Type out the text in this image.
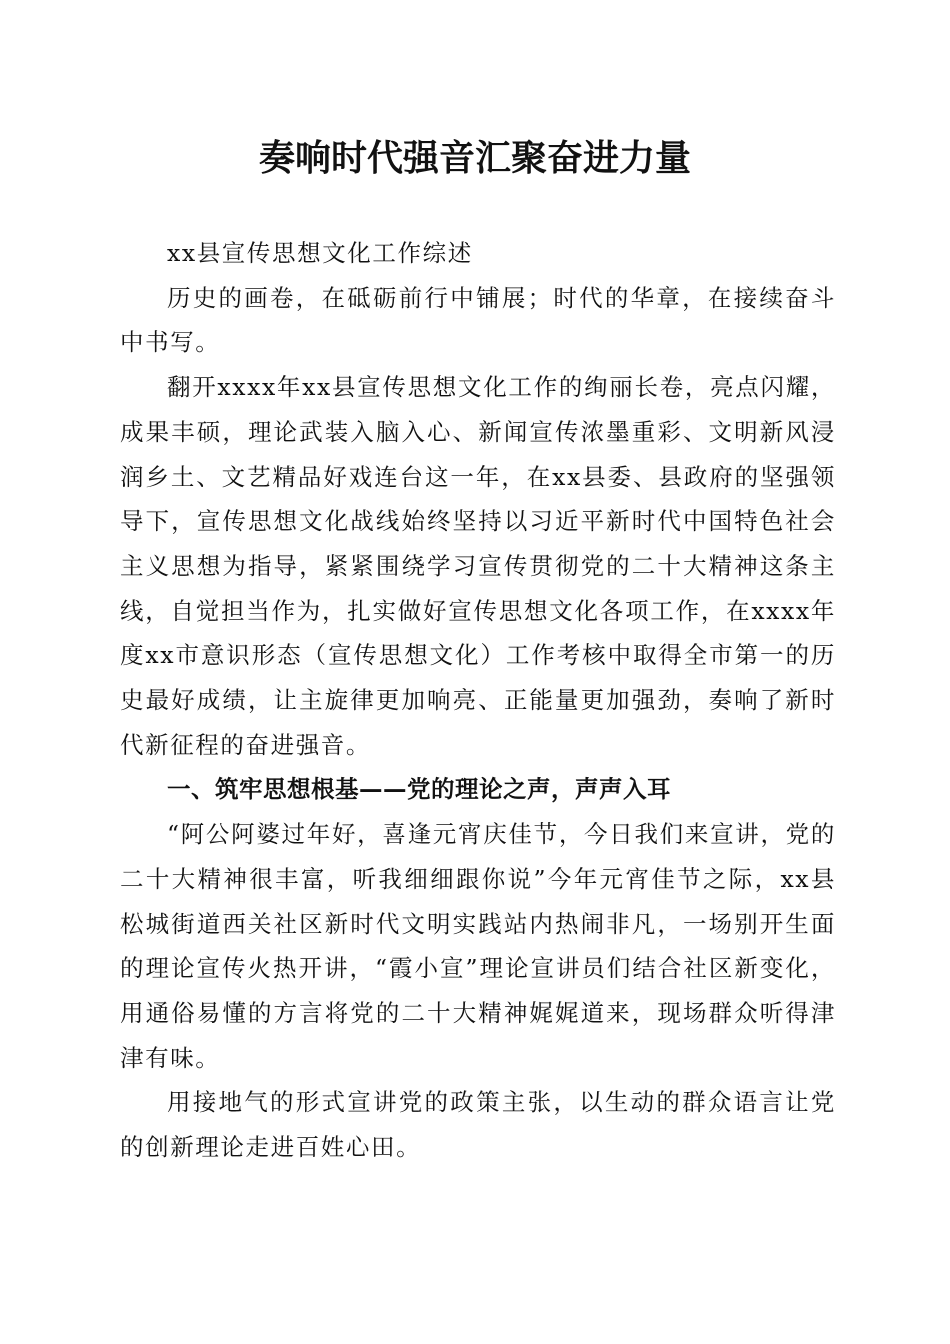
奏响时代强音汇聚奋进力量

xx县宣传思想文化工作综述

历史的画卷，在砥砺前行中铺展；时代的华章，在接续奋斗中书写。

翻开xxxx年xx县宣传思想文化工作的绚丽长卷，亮点闪耀，成果丰硕，理论武装入脑入心、新闻宣传浓墨重彩、文明新风浸润乡土、文艺精品好戏连台这一年，在xx县委、县政府的坚强领导下，宣传思想文化战线始终坚持以习近平新时代中国特色社会主义思想为指导，紧紧围绕学习宣传贯彻党的二十大精神这条主线，自觉担当作为，扎实做好宣传思想文化各项工作，在xxxx年度xx市意识形态（宣传思想文化）工作考核中取得全市第一的历史最好成绩，让主旋律更加响亮、正能量更加强劲，奏响了新时代新征程的奋进强音。

一、筑牢思想根基——党的理论之声，声声入耳

“阿公阿婆过年好，喜逢元宵庆佳节，今日我们来宣讲，党的二十大精神很丰富，听我细细跟你说”今年元宵佳节之际，xx县松城街道西关社区新时代文明实践站内热闹非凡，一场别开生面的理论宣传火热开讲，“霞小宣”理论宣讲员们结合社区新变化，用通俗易懂的方言将党的二十大精神娓娓道来，现场群众听得津津有味。

用接地气的形式宣讲党的政策主张，以生动的群众语言让党的创新理论走进百姓心田。
